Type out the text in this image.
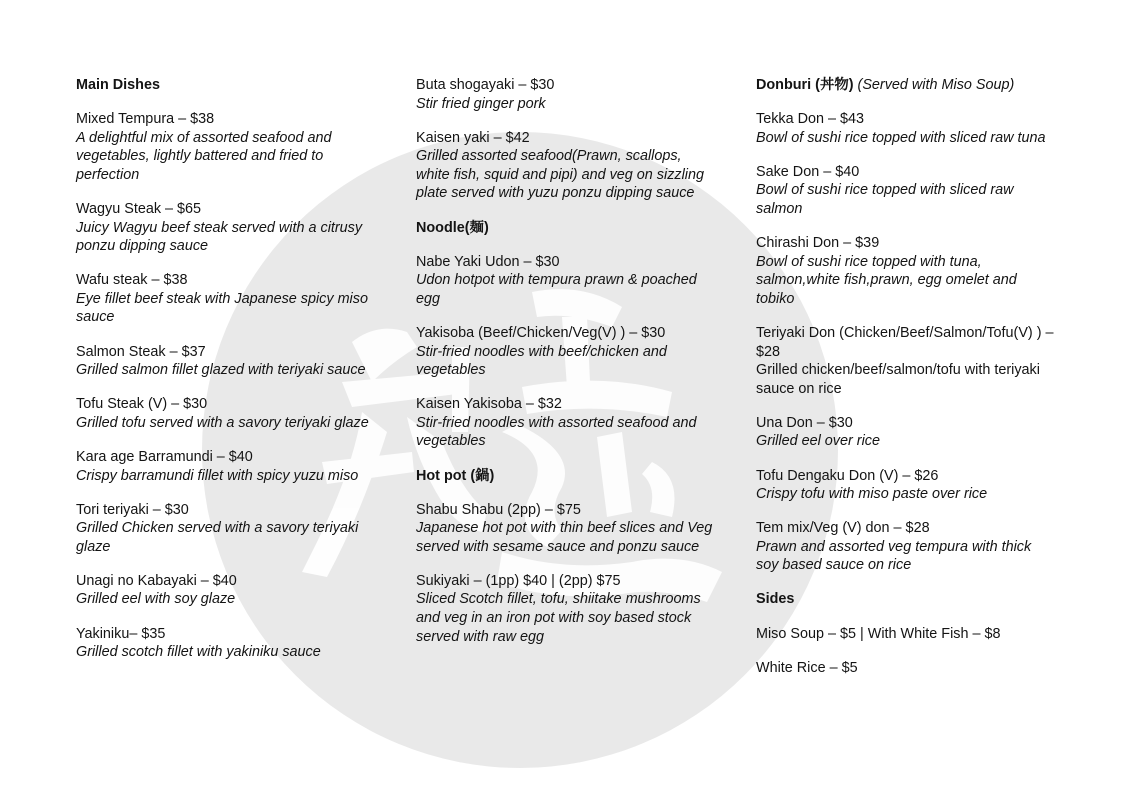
Main Dishes
Mixed Tempura – $38
A delightful mix of assorted seafood and vegetables, lightly battered and fried to perfection
Wagyu Steak – $65
Juicy Wagyu beef steak served with a citrusy ponzu dipping sauce
Wafu steak – $38
Eye fillet beef steak with Japanese spicy miso sauce
Salmon Steak – $37
Grilled salmon fillet glazed with teriyaki sauce
Tofu Steak (V) – $30
Grilled tofu served with a savory teriyaki glaze
Kara age Barramundi – $40
Crispy barramundi fillet with spicy yuzu miso
Tori teriyaki – $30
Grilled Chicken served with a savory teriyaki glaze
Unagi no Kabayaki – $40
Grilled eel with soy glaze
Yakiniku– $35
Grilled scotch fillet with yakiniku sauce
Buta shogayaki – $30
Stir fried ginger pork
Kaisen yaki – $42
Grilled assorted seafood(Prawn, scallops, white fish, squid and pipi) and veg on sizzling plate served with yuzu ponzu dipping sauce
Noodle(麺)
Nabe Yaki Udon – $30
Udon hotpot with tempura prawn & poached egg
Yakisoba (Beef/Chicken/Veg(V) ) – $30
Stir-fried noodles with beef/chicken and vegetables
Kaisen Yakisoba – $32
Stir-fried noodles with assorted seafood and vegetables
Hot pot (鍋)
Shabu Shabu (2pp) – $75
Japanese hot pot with thin beef slices and Veg served with sesame sauce and ponzu sauce
Sukiyaki – (1pp) $40 | (2pp) $75
Sliced Scotch fillet, tofu, shiitake mushrooms and veg in an iron pot with soy based stock served with raw egg
Donburi (丼物) (Served with Miso Soup)
Tekka Don – $43
Bowl of sushi rice topped with sliced raw tuna
Sake Don – $40
Bowl of sushi rice topped with sliced raw salmon
Chirashi Don – $39
Bowl of sushi rice topped with tuna, salmon,white fish,prawn, egg omelet and tobiko
Teriyaki Don (Chicken/Beef/Salmon/Tofu(V) ) – $28
Grilled chicken/beef/salmon/tofu with teriyaki sauce on rice
Una Don – $30
Grilled eel over rice
Tofu Dengaku Don (V) – $26
Crispy tofu with miso paste over rice
Tem mix/Veg (V) don – $28
Prawn and assorted veg tempura with thick soy based sauce on rice
Sides
Miso Soup – $5 | With White Fish – $8
White Rice – $5
